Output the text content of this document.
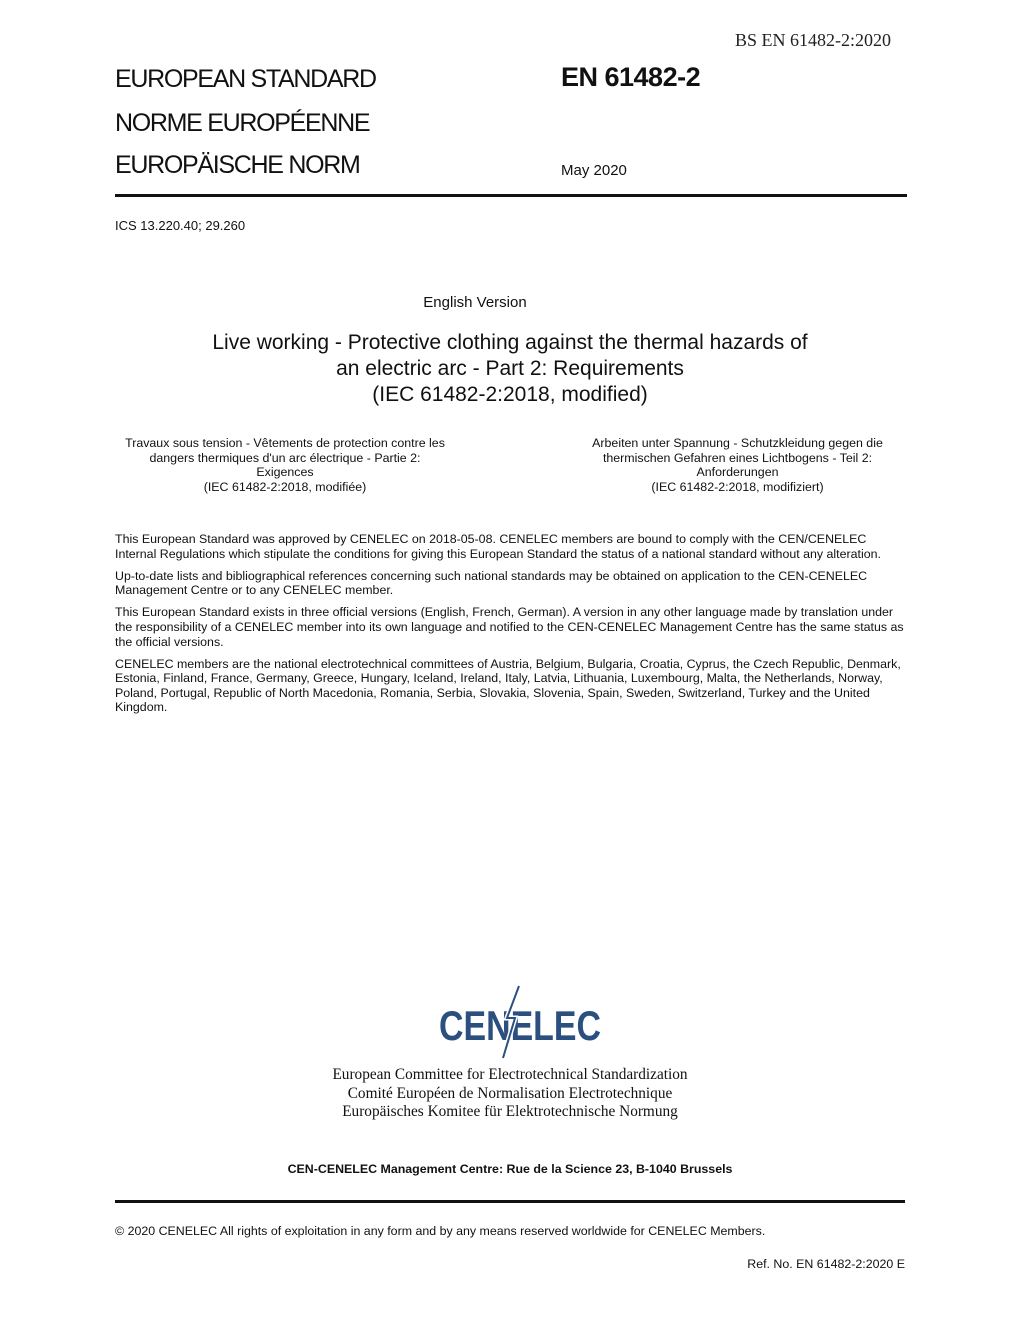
BS EN 61482-2:2020
EUROPEAN STANDARD
NORME EUROPÉENNE
EUROPÄISCHE NORM
EN 61482-2
May 2020
ICS 13.220.40; 29.260
English Version
Live working - Protective clothing against the thermal hazards of
an electric arc - Part 2: Requirements
(IEC 61482-2:2018, modified)
Travaux sous tension - Vêtements de protection contre les
dangers thermiques d'un arc électrique - Partie 2:
Exigences
(IEC 61482-2:2018, modifiée)
Arbeiten unter Spannung - Schutzkleidung gegen die
thermischen Gefahren eines Lichtbogens - Teil 2:
Anforderungen
(IEC 61482-2:2018, modifiziert)

This European Standard was approved by CENELEC on 2018-05-08. CENELEC members are bound to comply with the CEN/CENELEC Internal Regulations which stipulate the conditions for giving this European Standard the status of a national standard without any alteration.

Up-to-date lists and bibliographical references concerning such national standards may be obtained on application to the CEN-CENELEC Management Centre or to any CENELEC member.

This European Standard exists in three official versions (English, French, German). A version in any other language made by translation under the responsibility of a CENELEC member into its own language and notified to the CEN-CENELEC Management Centre has the same status as the official versions.

CENELEC members are the national electrotechnical committees of Austria, Belgium, Bulgaria, Croatia, Cyprus, the Czech Republic, Denmark, Estonia, Finland, France, Germany, Greece, Hungary, Iceland, Ireland, Italy, Latvia, Lithuania, Luxembourg, Malta, the Netherlands, Norway, Poland, Portugal, Republic of North Macedonia, Romania, Serbia, Slovakia, Slovenia, Spain, Sweden, Switzerland, Turkey and the United Kingdom.

CENELEC
European Committee for Electrotechnical Standardization
Comité Européen de Normalisation Electrotechnique
Europäisches Komitee für Elektrotechnische Normung
CEN-CENELEC Management Centre: Rue de la Science 23, B-1040 Brussels
© 2020 CENELEC All rights of exploitation in any form and by any means reserved worldwide for CENELEC Members.
Ref. No. EN 61482-2:2020 E
